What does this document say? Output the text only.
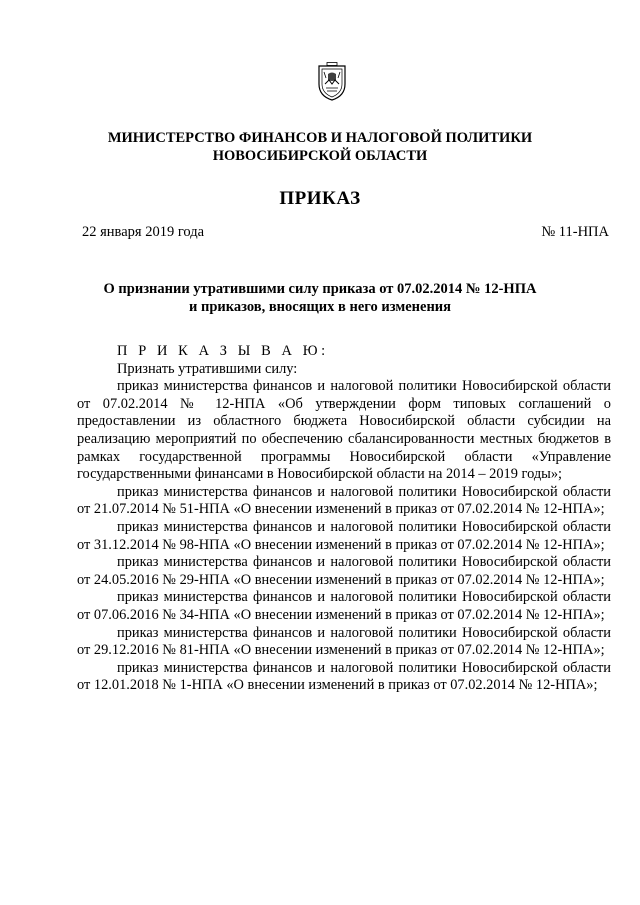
МИНИСТЕРСТВО ФИНАНСОВ И НАЛОГОВОЙ ПОЛИТИКИ
НОВОСИБИРСКОЙ ОБЛАСТИ
ПРИКАЗ
22 января 2019 года	№ 11-НПА
О признании утратившими силу приказа от 07.02.2014 № 12-НПА
и приказов, вносящих в него изменения

П Р И К А З Ы В А Ю:

Признать утратившими силу:

приказ министерства финансов и налоговой политики Новосибирской области от 07.02.2014 № 12-НПА «Об утверждении форм типовых соглашений о предоставлении из областного бюджета Новосибирской области субсидии на реализацию мероприятий по обеспечению сбалансированности местных бюджетов в рамках государственной программы Новосибирской области «Управление государственными финансами в Новосибирской области на 2014 – 2019 годы»;

приказ министерства финансов и налоговой политики Новосибирской области от 21.07.2014 № 51-НПА «О внесении изменений в приказ от 07.02.2014 № 12-НПА»;

приказ министерства финансов и налоговой политики Новосибирской области от 31.12.2014 № 98-НПА «О внесении изменений в приказ от 07.02.2014 № 12-НПА»;

приказ министерства финансов и налоговой политики Новосибирской области от 24.05.2016 № 29-НПА «О внесении изменений в приказ от 07.02.2014 № 12-НПА»;

приказ министерства финансов и налоговой политики Новосибирской области от 07.06.2016 № 34-НПА «О внесении изменений в приказ от 07.02.2014 № 12-НПА»;

приказ министерства финансов и налоговой политики Новосибирской области от 29.12.2016 № 81-НПА «О внесении изменений в приказ от 07.02.2014 № 12-НПА»;

приказ министерства финансов и налоговой политики Новосибирской области от 12.01.2018 № 1-НПА «О внесении изменений в приказ от 07.02.2014 № 12-НПА»;
